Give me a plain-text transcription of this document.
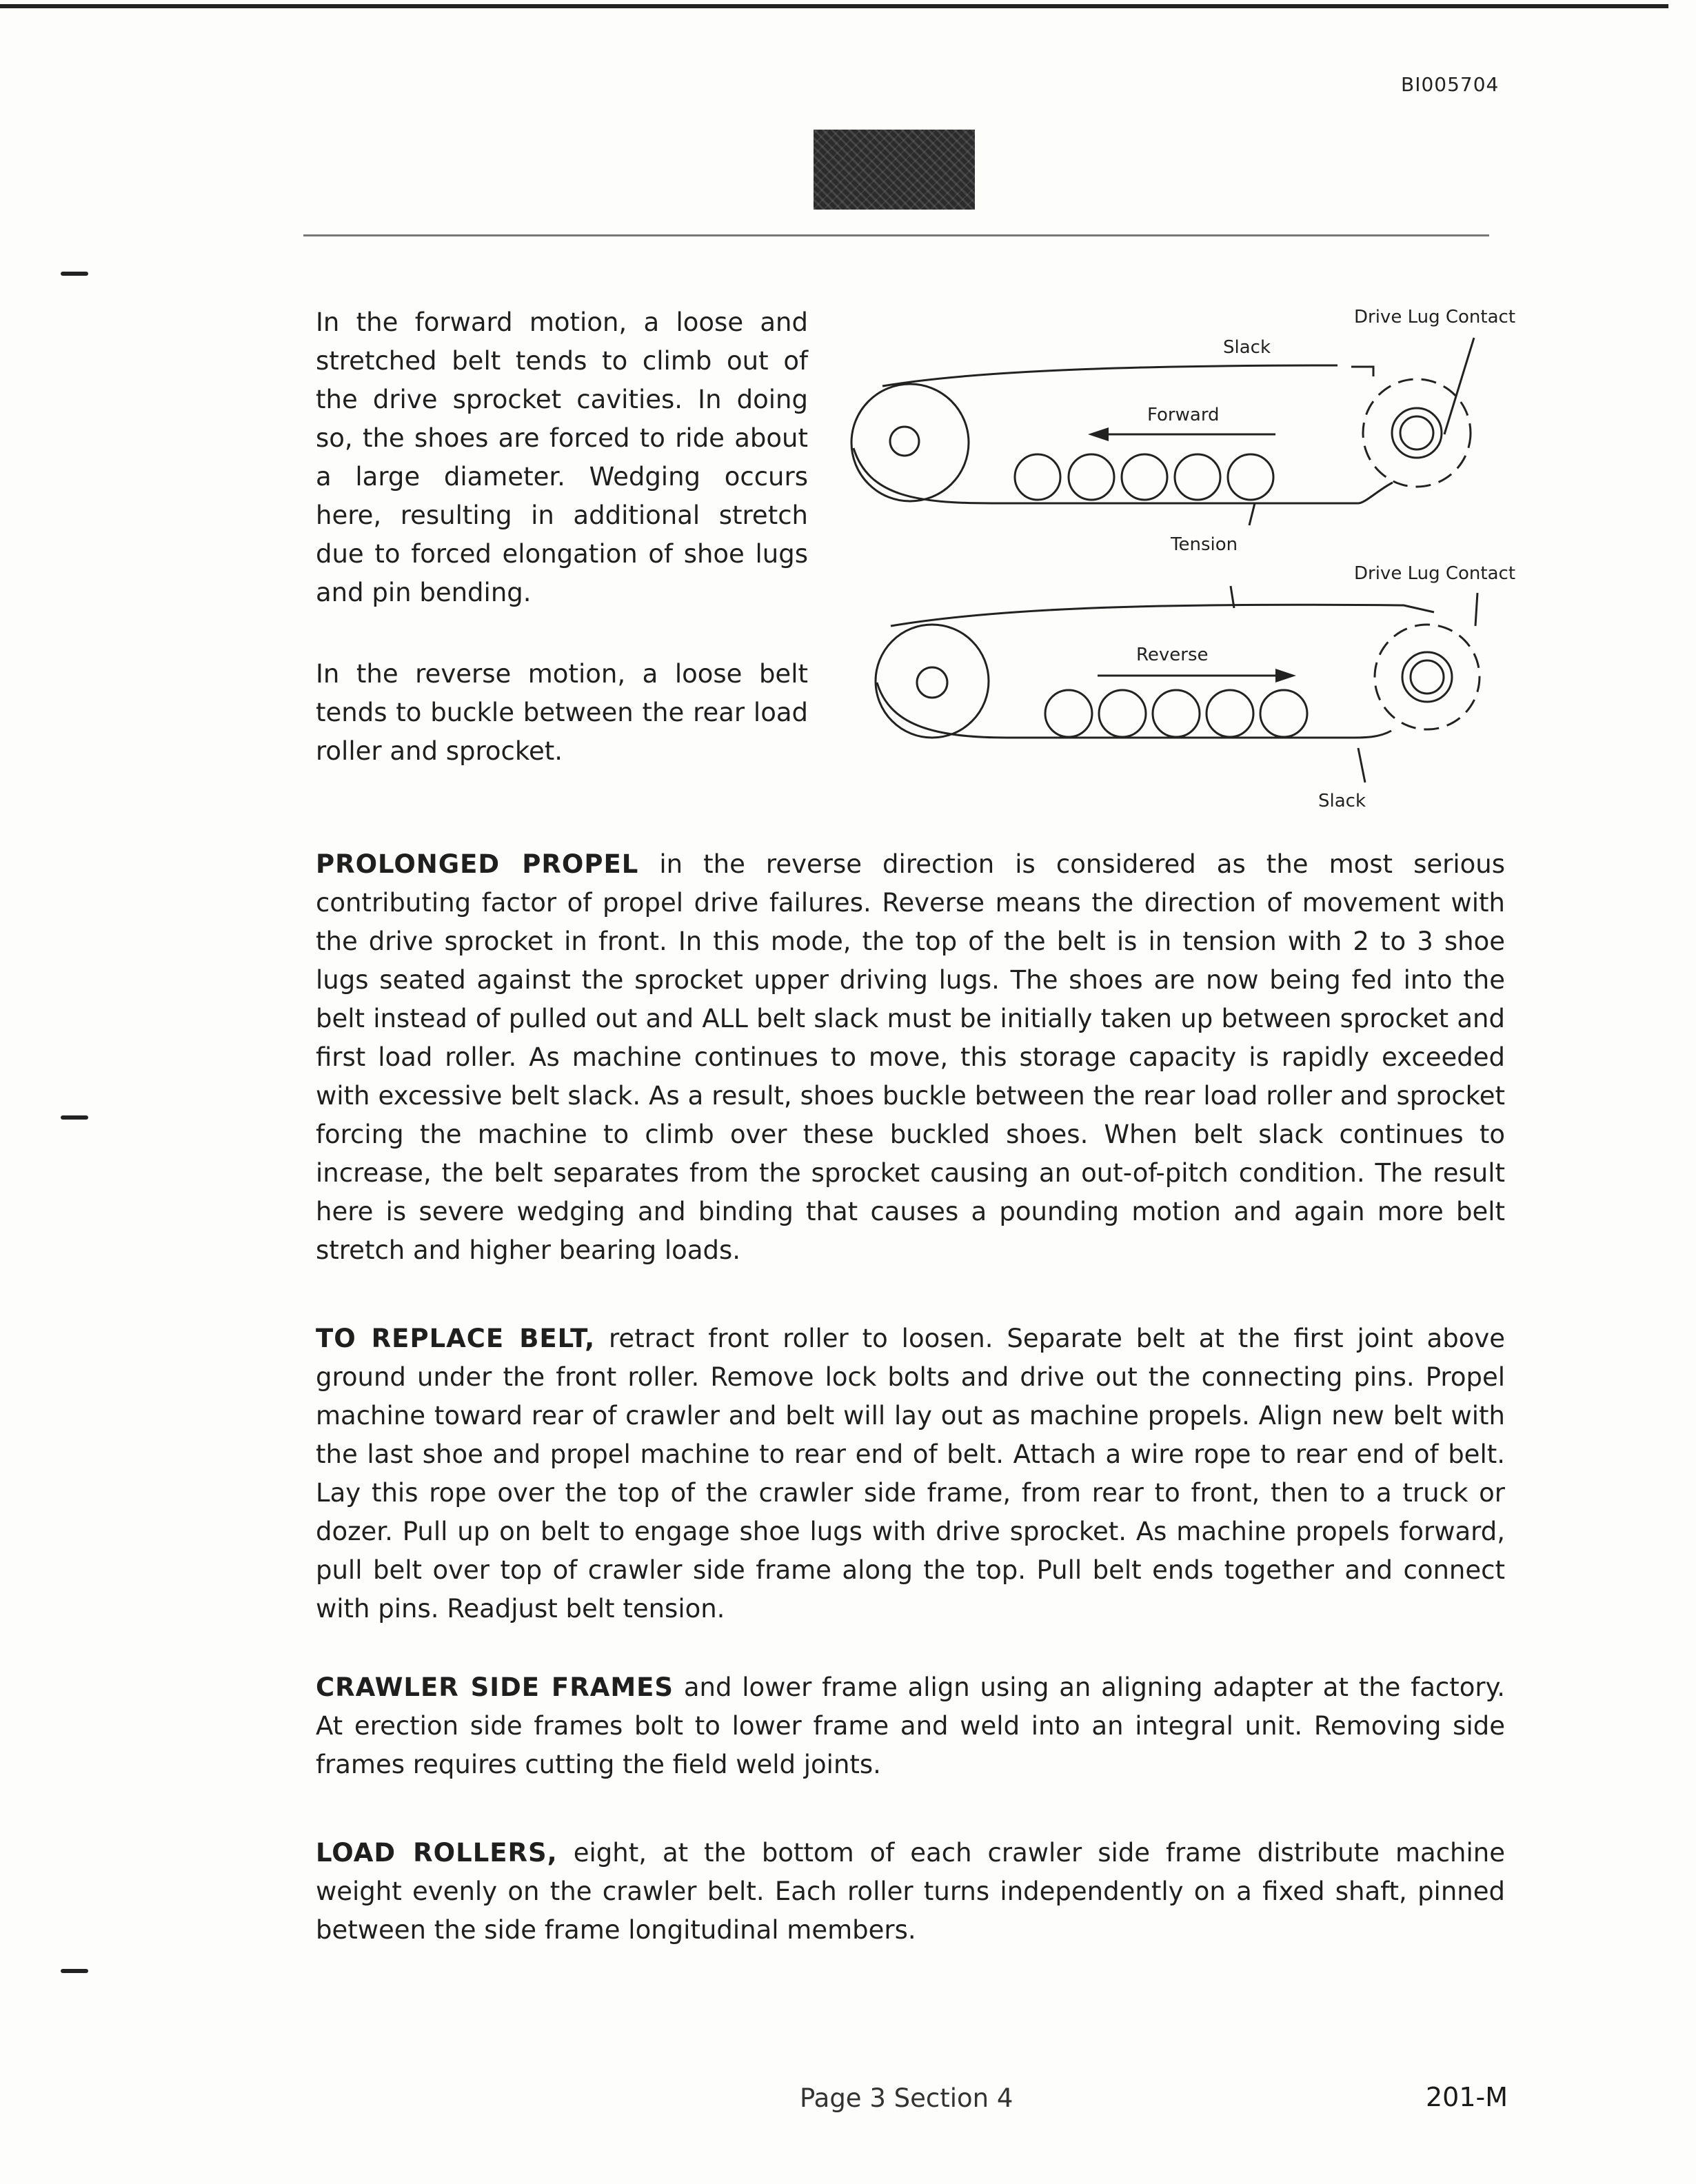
BI005704
In the forward motion, a loose and stretched belt tends to climb out of the drive sprocket cavities. In doing so, the shoes are forced to ride about a large diameter. Wedging occurs here, resulting in additional stretch due to forced elongation of shoe lugs and pin bending.
In the reverse motion, a loose belt tends to buckle between the rear load roller and sprocket.
Drive Lug Contact
Slack
Forward
Tension
Drive Lug Contact
Reverse
Slack
PROLONGED PROPEL in the reverse direction is considered as the most serious contributing factor of propel drive failures. Reverse means the direction of movement with the drive sprocket in front. In this mode, the top of the belt is in tension with 2 to 3 shoe lugs seated against the sprocket upper driving lugs. The shoes are now being fed into the belt instead of pulled out and ALL belt slack must be initially taken up between sprocket and first load roller. As machine continues to move, this storage capacity is rapidly exceeded with excessive belt slack. As a result, shoes buckle between the rear load roller and sprocket forcing the machine to climb over these buckled shoes. When belt slack continues to increase, the belt separates from the sprocket causing an out-of-pitch condition. The result here is severe wedging and binding that causes a pounding motion and again more belt stretch and higher bearing loads.
TO REPLACE BELT, retract front roller to loosen. Separate belt at the first joint above ground under the front roller. Remove lock bolts and drive out the connecting pins. Propel machine toward rear of crawler and belt will lay out as machine propels. Align new belt with the last shoe and propel machine to rear end of belt. Attach a wire rope to rear end of belt. Lay this rope over the top of the crawler side frame, from rear to front, then to a truck or dozer. Pull up on belt to engage shoe lugs with drive sprocket. As machine propels forward, pull belt over top of crawler side frame along the top. Pull belt ends together and connect with pins. Readjust belt tension.
CRAWLER SIDE FRAMES and lower frame align using an aligning adapter at the factory. At erection side frames bolt to lower frame and weld into an integral unit. Removing side frames requires cutting the field weld joints.
LOAD ROLLERS, eight, at the bottom of each crawler side frame distribute machine weight evenly on the crawler belt. Each roller turns independently on a fixed shaft, pinned between the side frame longitudinal members.
Page 3 Section 4	201-M
